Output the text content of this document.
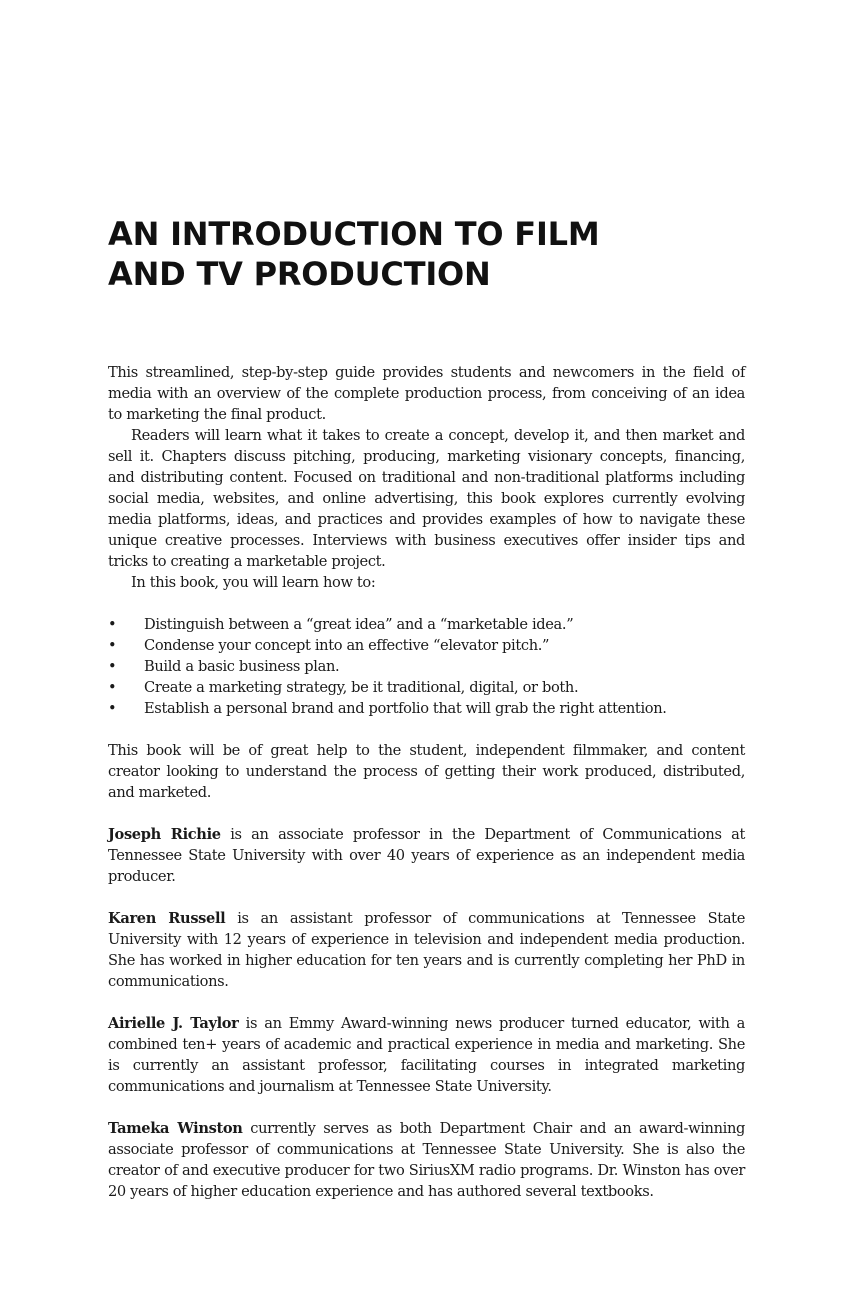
AN INTRODUCTION TO FILM
AND TV PRODUCTION

This streamlined, step-by-step guide provides students and newcomers in the field of media with an overview of the complete production process, from conceiving of an idea to marketing the final product.

Readers will learn what it takes to create a concept, develop it, and then market and sell it. Chapters discuss pitching, producing, marketing visionary concepts, financing, and distributing content. Focused on traditional and non-traditional platforms including social media, websites, and online advertising, this book explores currently evolving media platforms, ideas, and practices and provides examples of how to navigate these unique creative processes. Interviews with business executives offer insider tips and tricks to creating a marketable project.

In this book, you will learn how to:

• Distinguish between a “great idea” and a “marketable idea.”
• Condense your concept into an effective “elevator pitch.”
• Build a basic business plan.
• Create a marketing strategy, be it traditional, digital, or both.
• Establish a personal brand and portfolio that will grab the right attention.

This book will be of great help to the student, independent filmmaker, and content creator looking to understand the process of getting their work produced, distributed, and marketed.

Joseph Richie is an associate professor in the Department of Communications at Tennessee State University with over 40 years of experience as an independent media producer.

Karen Russell is an assistant professor of communications at Tennessee State University with 12 years of experience in television and independent media production. She has worked in higher education for ten years and is currently completing her PhD in communications.

Airielle J. Taylor is an Emmy Award-winning news producer turned educator, with a combined ten+ years of academic and practical experience in media and marketing. She is currently an assistant professor, facilitating courses in integrated marketing communications and journalism at Tennessee State University.

Tameka Winston currently serves as both Department Chair and an award-winning associate professor of communications at Tennessee State University. She is also the creator of and executive producer for two SiriusXM radio programs. Dr. Winston has over 20 years of higher education experience and has authored several textbooks.
